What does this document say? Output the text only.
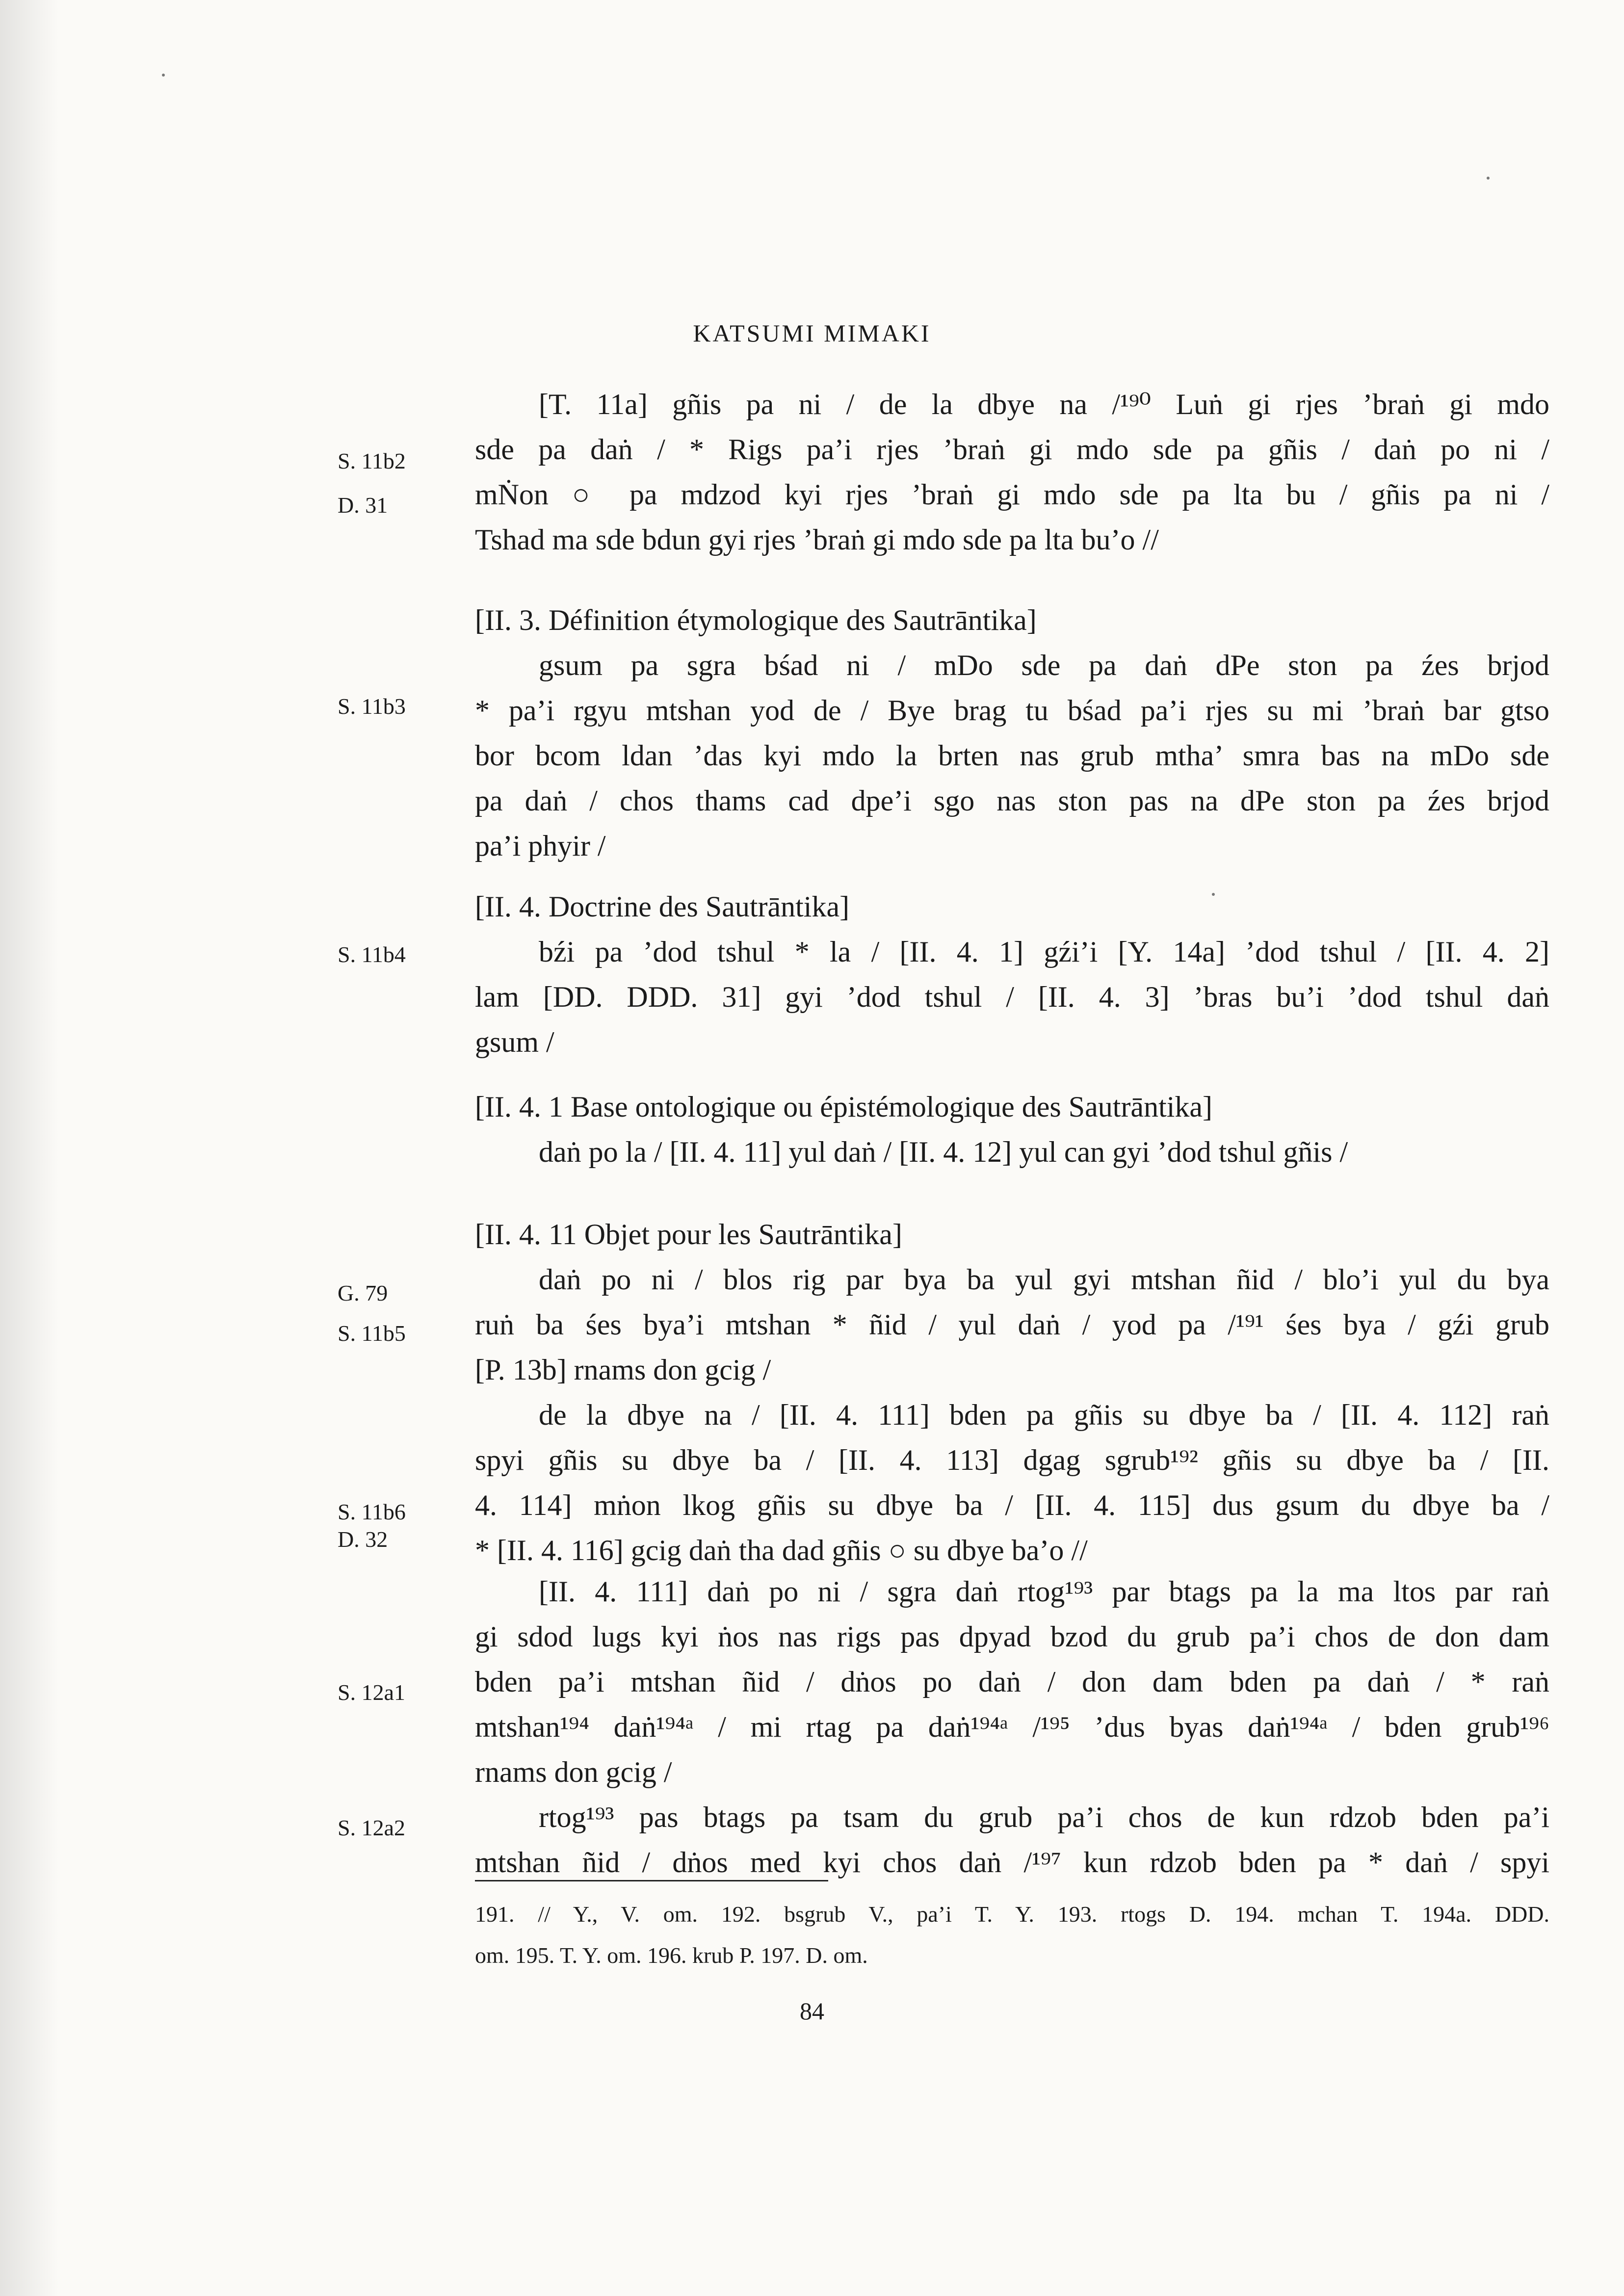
KATSUMI MIMAKI
S. 11b2
D. 31
S. 11b3
S. 11b4
G. 79
S. 11b5
S. 11b6
D. 32
S. 12a1
S. 12a2
[T. 11a] gñis pa ni / de la dbye na /¹⁹⁰ Luṅ gi rjes ’braṅ gi mdo
sde pa daṅ / * Rigs pa’i rjes ’braṅ gi mdo sde pa gñis / daṅ po ni /
mṄon ○ pa mdzod kyi rjes ’braṅ gi mdo sde pa lta bu / gñis pa ni /
Tshad ma sde bdun gyi rjes ’braṅ gi mdo sde pa lta bu’o //
[II. 3. Définition étymologique des Sautrāntika]
gsum pa sgra bśad ni / mDo sde pa daṅ dPe ston pa źes brjod
* pa’i rgyu mtshan yod de / Bye brag tu bśad pa’i rjes su mi ’braṅ bar gtso
bor bcom ldan ’das kyi mdo la brten nas grub mtha’ smra bas na mDo sde
pa daṅ / chos thams cad dpe’i sgo nas ston pas na dPe ston pa źes brjod
pa’i phyir /
[II. 4. Doctrine des Sautrāntika]
bźi pa ’dod tshul * la / [II. 4. 1] gźi’i [Y. 14a] ’dod tshul / [II. 4. 2]
lam [DD. DDD. 31] gyi ’dod tshul / [II. 4. 3] ’bras bu’i ’dod tshul daṅ
gsum /
[II. 4. 1 Base ontologique ou épistémologique des Sautrāntika]
daṅ po la / [II. 4. 11] yul daṅ / [II. 4. 12] yul can gyi ’dod tshul gñis /
[II. 4. 11 Objet pour les Sautrāntika]
daṅ po ni / blos rig par bya ba yul gyi mtshan ñid / blo’i yul du bya
ruṅ ba śes bya’i mtshan * ñid / yul daṅ / yod pa /¹⁹¹ śes bya / gźi grub
[P. 13b] rnams don gcig /
de la dbye na / [II. 4. 111] bden pa gñis su dbye ba / [II. 4. 112] raṅ
spyi gñis su dbye ba / [II. 4. 113] dgag sgrub¹⁹² gñis su dbye ba / [II.
4. 114] mṅon lkog gñis su dbye ba / [II. 4. 115] dus gsum du dbye ba /
* [II. 4. 116] gcig daṅ tha dad gñis ○ su dbye ba’o //
[II. 4. 111] daṅ po ni / sgra daṅ rtog¹⁹³ par btags pa la ma ltos par raṅ
gi sdod lugs kyi ṅos nas rigs pas dpyad bzod du grub pa’i chos de don dam
bden pa’i mtshan ñid / dṅos po daṅ / don dam bden pa daṅ / * raṅ
mtshan¹⁹⁴ daṅ¹⁹⁴ᵃ / mi rtag pa daṅ¹⁹⁴ᵃ /¹⁹⁵ ’dus byas daṅ¹⁹⁴ᵃ / bden grub¹⁹⁶
rnams don gcig /
rtog¹⁹³ pas btags pa tsam du grub pa’i chos de kun rdzob bden pa’i
mtshan ñid / dṅos med kyi chos daṅ /¹⁹⁷ kun rdzob bden pa * daṅ / spyi
191. // Y., V. om. 192. bsgrub V., pa’i T. Y. 193. rtogs D. 194. mchan T. 194a. DDD.
om. 195. T. Y. om. 196. krub P. 197. D. om.
84
